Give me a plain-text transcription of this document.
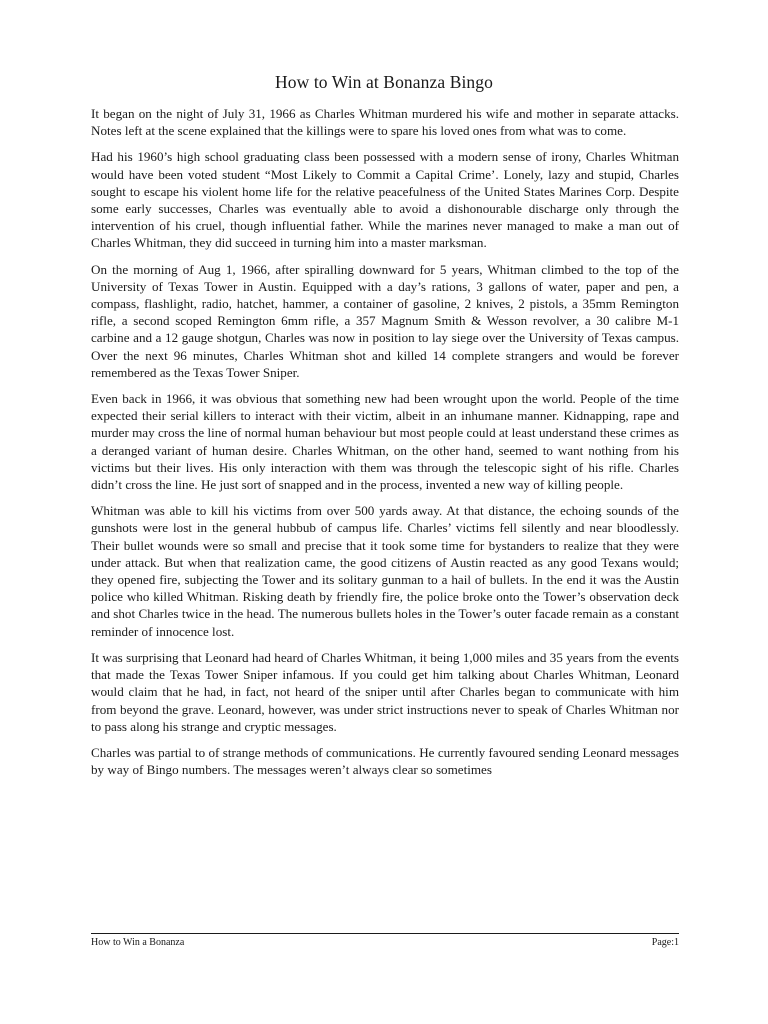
How to Win at Bonanza Bingo

It began on the night of July 31, 1966 as Charles Whitman murdered his wife and mother in separate attacks. Notes left at the scene explained that the killings were to spare his loved ones from what was to come.

Had his 1960’s high school graduating class been possessed with a modern sense of irony, Charles Whitman would have been voted student “Most Likely to Commit a Capital Crime’. Lonely, lazy and stupid, Charles sought to escape his violent home life for the relative peacefulness of the United States Marines Corp. Despite some early successes, Charles was eventually able to avoid a dishonourable discharge only through the intervention of his cruel, though influential father. While the marines never managed to make a man out of Charles Whitman, they did succeed in turning him into a master marksman.

On the morning of Aug 1, 1966, after spiralling downward for 5 years, Whitman climbed to the top of the University of Texas Tower in Austin. Equipped with a day’s rations, 3 gallons of water, paper and pen, a compass, flashlight, radio, hatchet, hammer, a container of gasoline, 2 knives, 2 pistols, a 35mm Remington rifle, a second scoped Remington 6mm rifle, a 357 Magnum Smith & Wesson revolver, a 30 calibre M-1 carbine and a 12 gauge shotgun, Charles was now in position to lay siege over the University of Texas campus. Over the next 96 minutes, Charles Whitman shot and killed 14 complete strangers and would be forever remembered as the Texas Tower Sniper.

Even back in 1966, it was obvious that something new had been wrought upon the world. People of the time expected their serial killers to interact with their victim, albeit in an inhumane manner. Kidnapping, rape and murder may cross the line of normal human behaviour but most people could at least understand these crimes as a deranged variant of human desire. Charles Whitman, on the other hand, seemed to want nothing from his victims but their lives. His only interaction with them was through the telescopic sight of his rifle. Charles didn’t cross the line. He just sort of snapped and in the process, invented a new way of killing people.

Whitman was able to kill his victims from over 500 yards away. At that distance, the echoing sounds of the gunshots were lost in the general hubbub of campus life. Charles’ victims fell silently and near bloodlessly. Their bullet wounds were so small and precise that it took some time for bystanders to realize that they were under attack. But when that realization came, the good citizens of Austin reacted as any good Texans would; they opened fire, subjecting the Tower and its solitary gunman to a hail of bullets. In the end it was the Austin police who killed Whitman. Risking death by friendly fire, the police broke onto the Tower’s observation deck and shot Charles twice in the head. The numerous bullets holes in the Tower’s outer facade remain as a constant reminder of innocence lost.

It was surprising that Leonard had heard of Charles Whitman, it being 1,000 miles and 35 years from the events that made the Texas Tower Sniper infamous. If you could get him talking about Charles Whitman, Leonard would claim that he had, in fact, not heard of the sniper until after Charles began to communicate with him from beyond the grave. Leonard, however, was under strict instructions never to speak of Charles Whitman nor to pass along his strange and cryptic messages.

Charles was partial to of strange methods of communications. He currently favoured sending Leonard messages by way of Bingo numbers. The messages weren’t always clear so sometimes

How to Win a Bonanza	Page:1
